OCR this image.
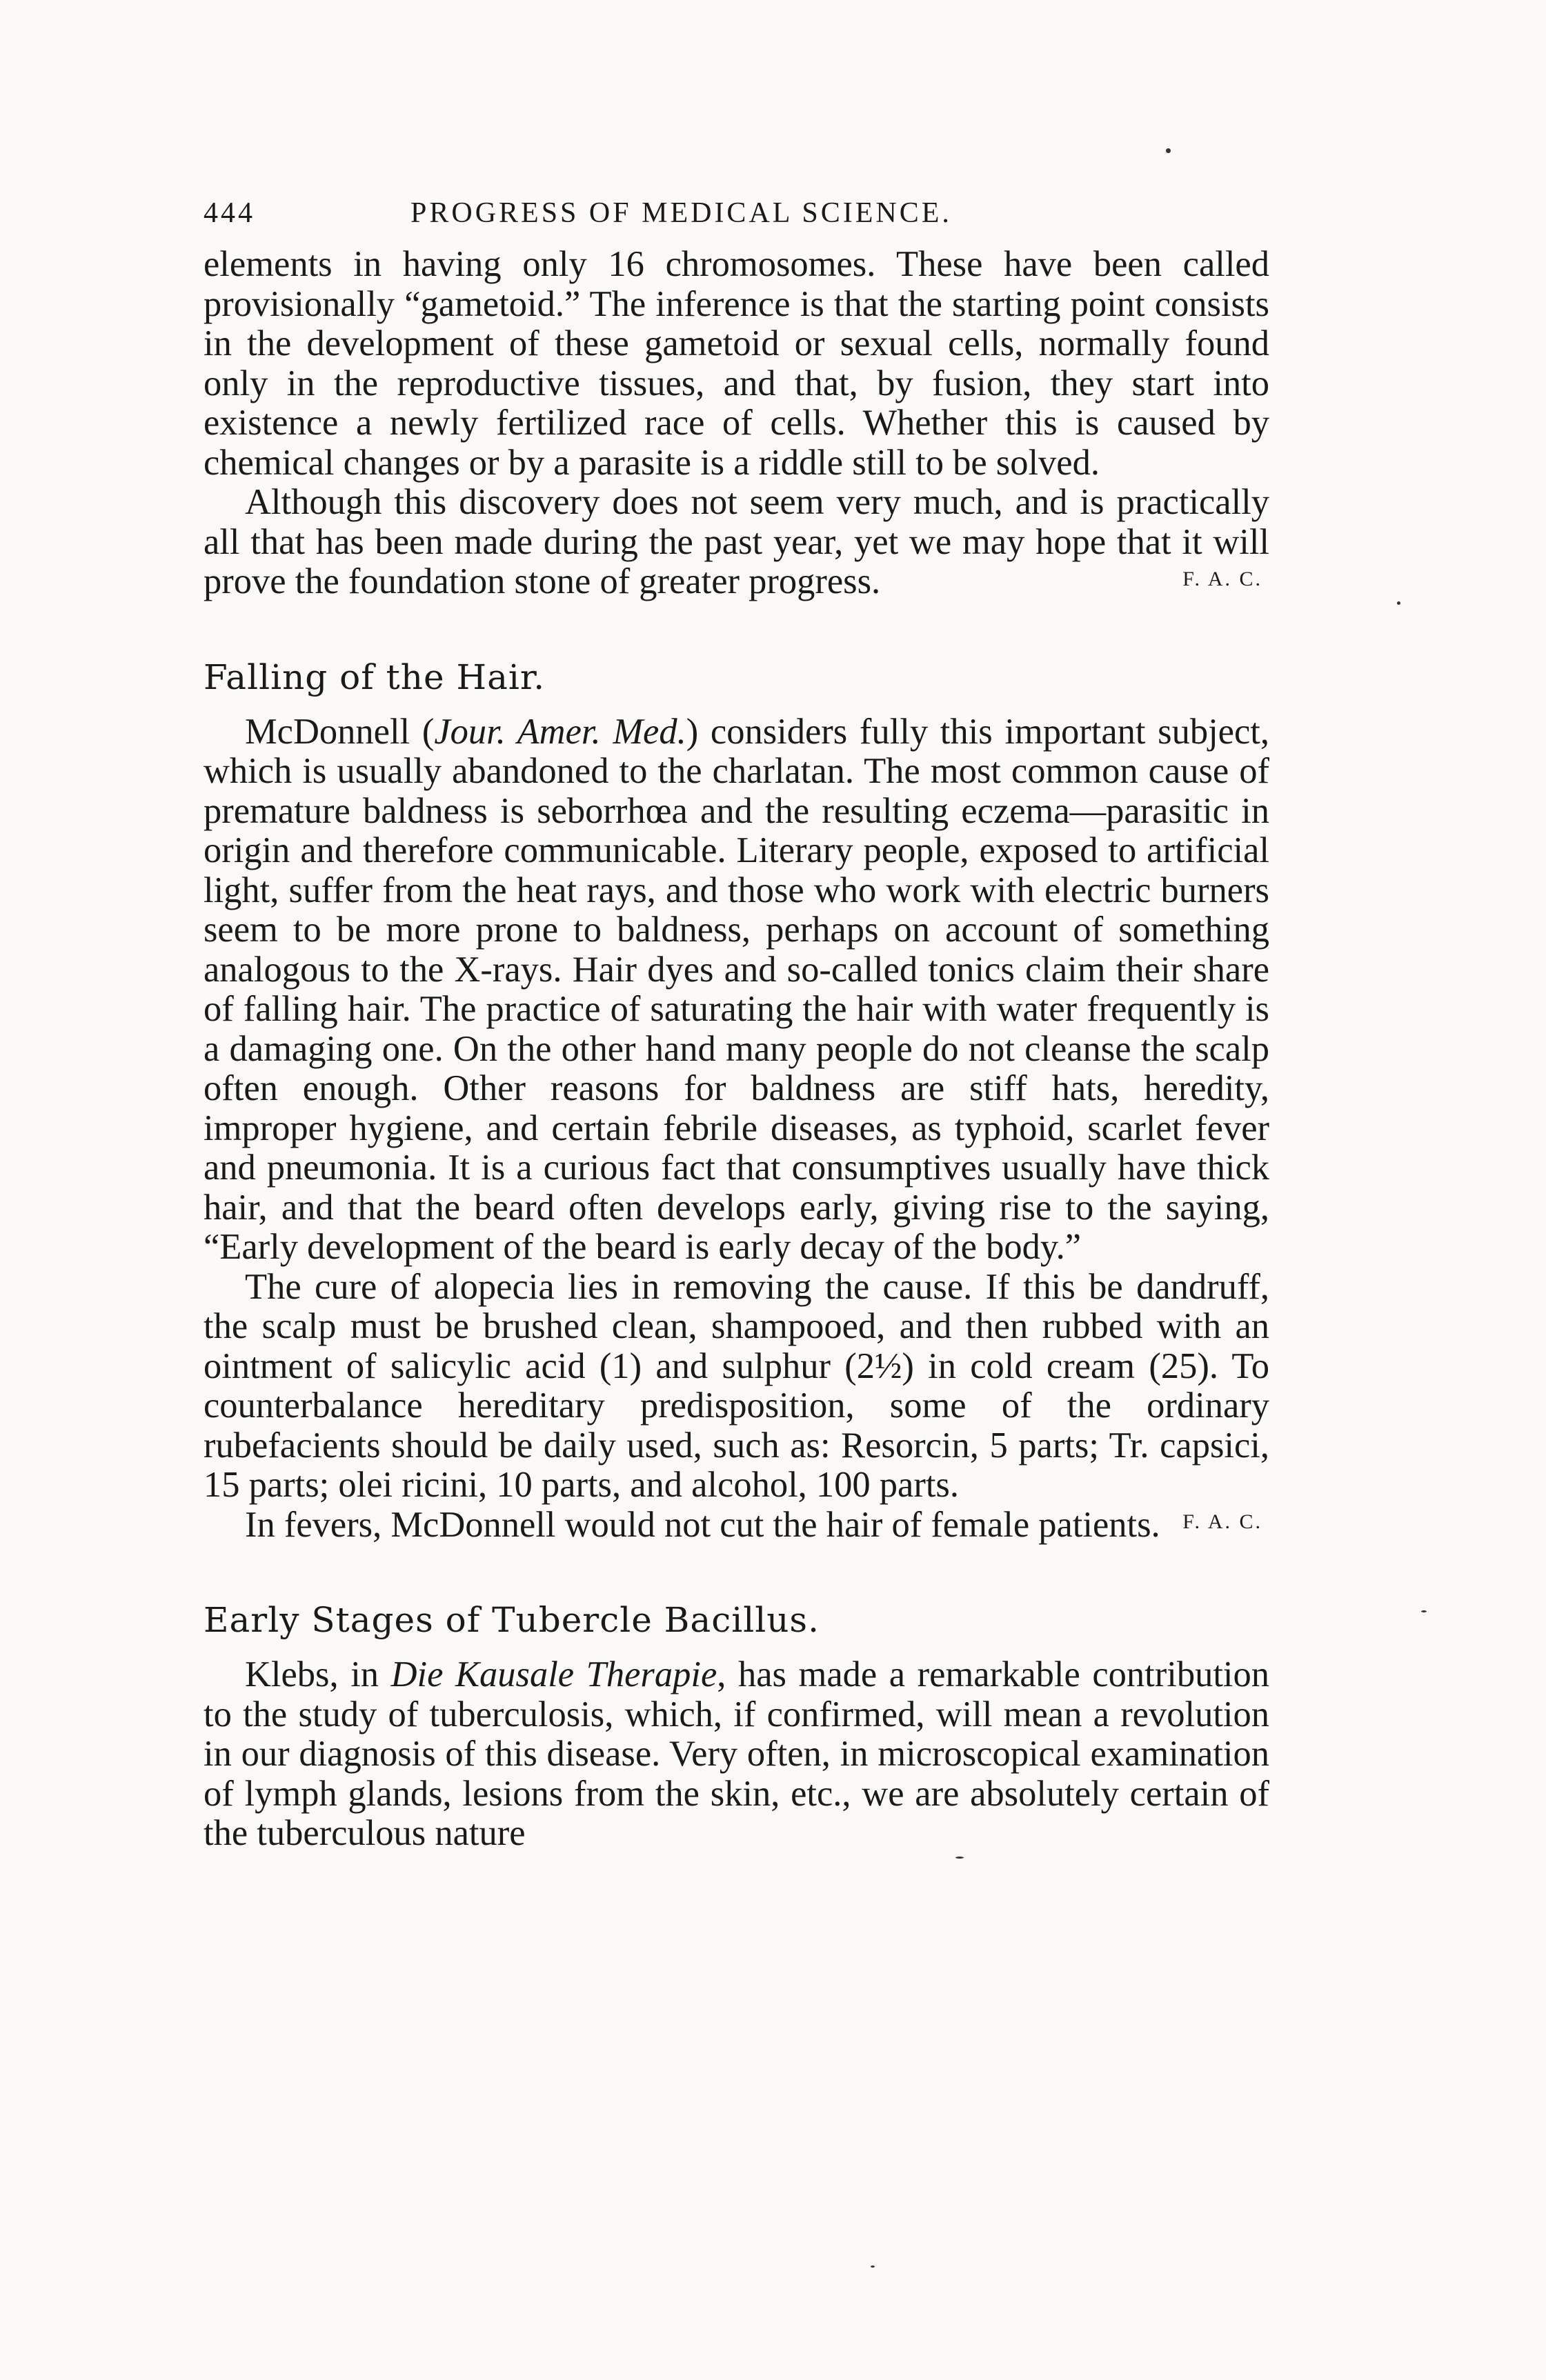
444	PROGRESS OF MEDICAL SCIENCE.

elements in having only 16 chromosomes. These have been called provisionally “gametoid.” The inference is that the starting point consists in the development of these gametoid or sexual cells, normally found only in the reproductive tissues, and that, by fusion, they start into existence a newly fertilized race of cells. Whether this is caused by chemical changes or by a parasite is a riddle still to be solved.

Although this discovery does not seem very much, and is practically all that has been made during the past year, yet we may hope that it will prove the foundation stone of greater progress.	F. A. C.
Falling of the Hair.

McDonnell (Jour. Amer. Med.) considers fully this important subject, which is usually abandoned to the charlatan. The most common cause of premature baldness is seborrhœa and the resulting eczema—parasitic in origin and therefore communicable. Literary people, exposed to artificial light, suffer from the heat rays, and those who work with electric burners seem to be more prone to baldness, perhaps on account of something analogous to the X-rays. Hair dyes and so-called tonics claim their share of falling hair. The practice of saturating the hair with water frequently is a damaging one. On the other hand many people do not cleanse the scalp often enough. Other reasons for baldness are stiff hats, heredity, improper hygiene, and certain febrile diseases, as typhoid, scarlet fever and pneumonia. It is a curious fact that consumptives usually have thick hair, and that the beard often develops early, giving rise to the saying, “Early development of the beard is early decay of the body.”

The cure of alopecia lies in removing the cause. If this be dandruff, the scalp must be brushed clean, shampooed, and then rubbed with an ointment of salicylic acid (1) and sulphur (2½) in cold cream (25). To counterbalance hereditary predisposition, some of the ordinary rubefacients should be daily used, such as: Resorcin, 5 parts; Tr. capsici, 15 parts; olei ricini, 10 parts, and alcohol, 100 parts.

In fevers, McDonnell would not cut the hair of female patients.	F. A. C.
Early Stages of Tubercle Bacillus.

Klebs, in Die Kausale Therapie, has made a remarkable contribution to the study of tuberculosis, which, if confirmed, will mean a revolution in our diagnosis of this disease. Very often, in microscopical examination of lymph glands, lesions from the skin, etc., we are absolutely certain of the tuberculous nature
